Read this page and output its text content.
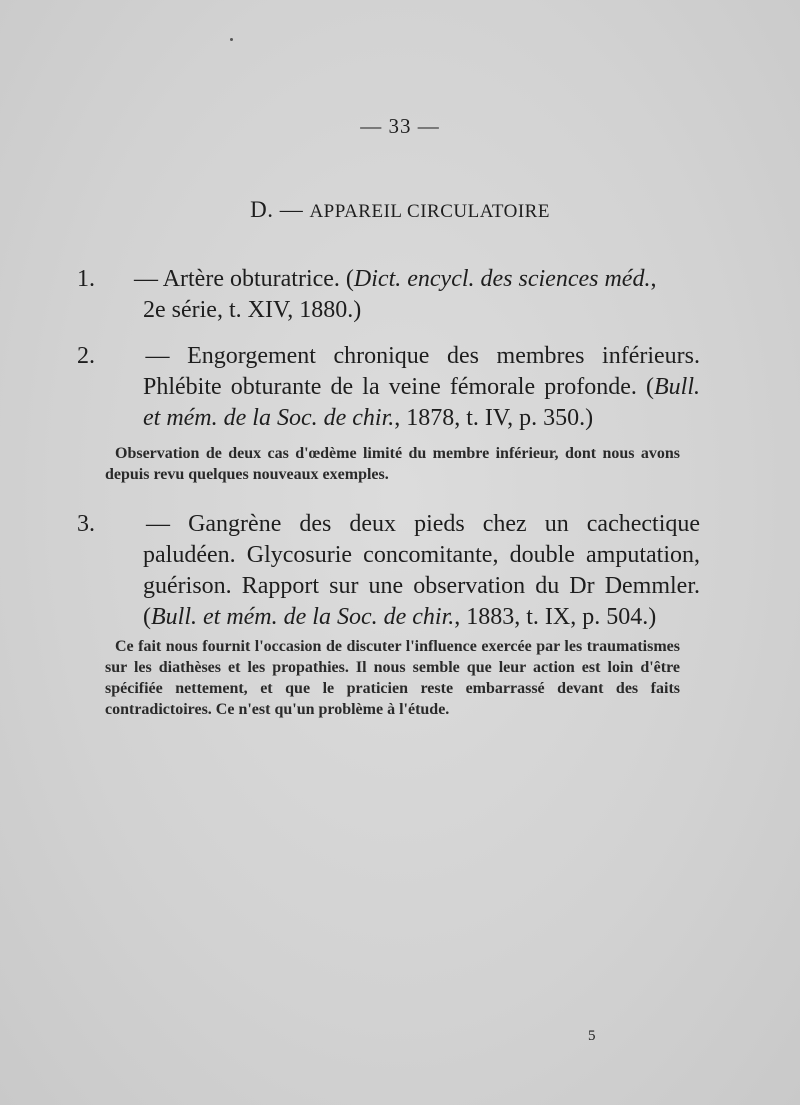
— 33 —
D. — APPAREIL CIRCULATOIRE
1. — Artère obturatrice. (Dict. encycl. des sciences méd.,
2e série, t. XIV, 1880.)
2. — Engorgement chronique des membres inférieurs. Phlébite obturante de la veine fémorale profonde. (Bull. et mém. de la Soc. de chir., 1878, t. IV, p. 350.)
Observation de deux cas d'œdème limité du membre inférieur, dont nous avons depuis revu quelques nouveaux exemples.
3. — Gangrène des deux pieds chez un cachectique paludéen. Glycosurie concomitante, double amputation, guérison. Rapport sur une observation du Dr Demmler. (Bull. et mém. de la Soc. de chir., 1883, t. IX, p. 504.)
Ce fait nous fournit l'occasion de discuter l'influence exercée par les traumatismes sur les diathèses et les propathies. Il nous semble que leur action est loin d'être spécifiée nettement, et que le praticien reste embarrassé devant des faits contradictoires. Ce n'est qu'un problème à l'étude.
5
